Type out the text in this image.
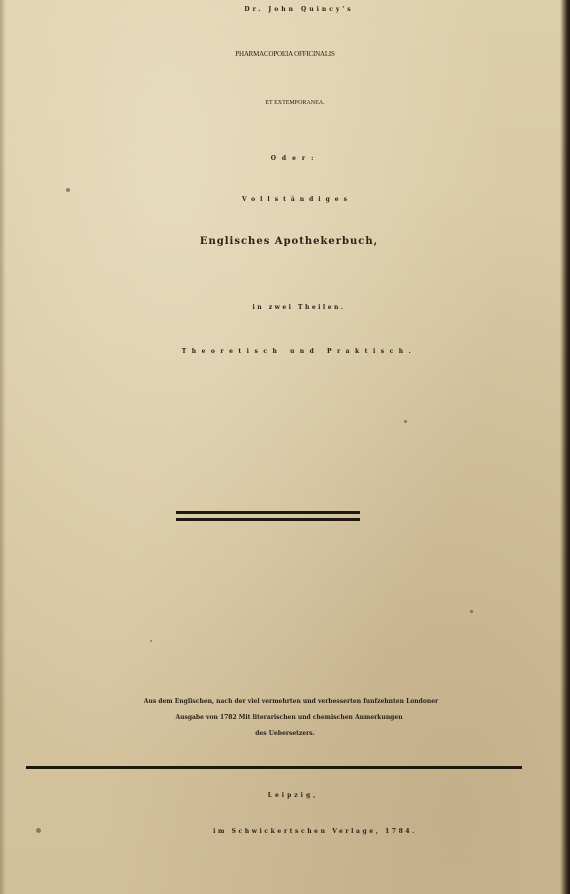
Dr. John Quincy's
PHARMACOPOEIA OFFICINALIS
ET EXTEMPORANEA.
Oder:
Vollständiges
Englisches Apothekerbuch,
in zwei Theilen.
Theoretisch und Praktisch.
Aus dem Englischen, nach der viel vermehrten und verbesserten funfzehnten Londoner
Ausgabe von 1782 Mit literarischen und chemischen Anmerkungen
des Uebersetzers.
Leipzig,
im Schwickertschen Verlage, 1784.
